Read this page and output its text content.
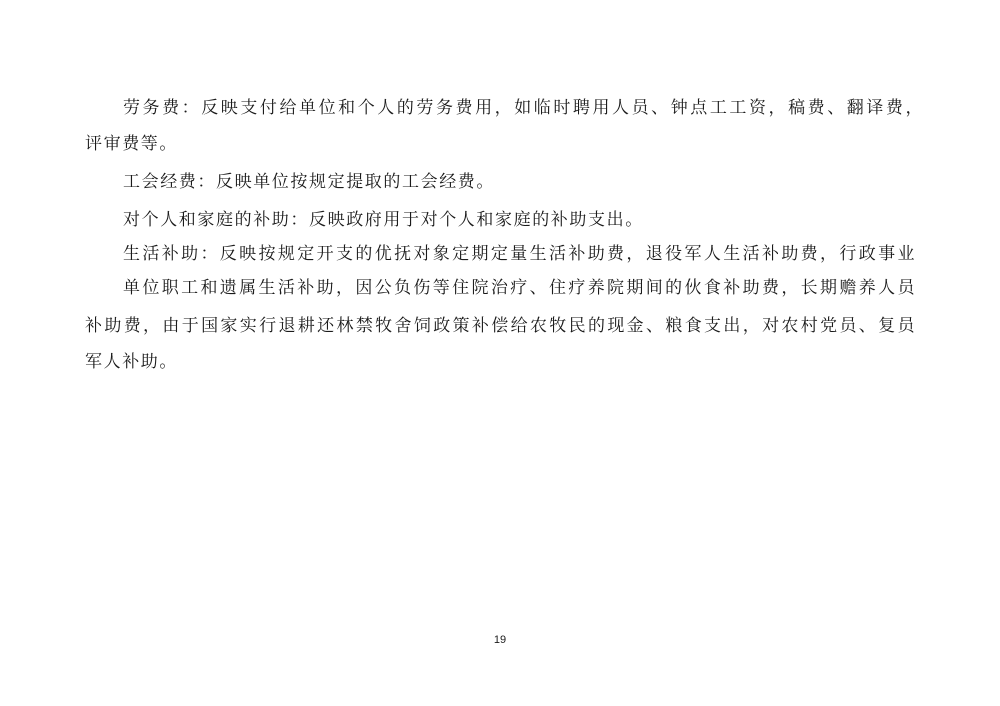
劳务费：反映支付给单位和个人的劳务费用，如临时聘用人员、钟点工工资，稿费、翻译费，
评审费等。
工会经费：反映单位按规定提取的工会经费。
对个人和家庭的补助：反映政府用于对个人和家庭的补助支出。
生活补助：反映按规定开支的优抚对象定期定量生活补助费，退役军人生活补助费，行政事业
单位职工和遗属生活补助，因公负伤等住院治疗、住疗养院期间的伙食补助费，长期赡养人员
补助费，由于国家实行退耕还林禁牧舍饲政策补偿给农牧民的现金、粮食支出，对农村党员、复员
军人补助。
19
